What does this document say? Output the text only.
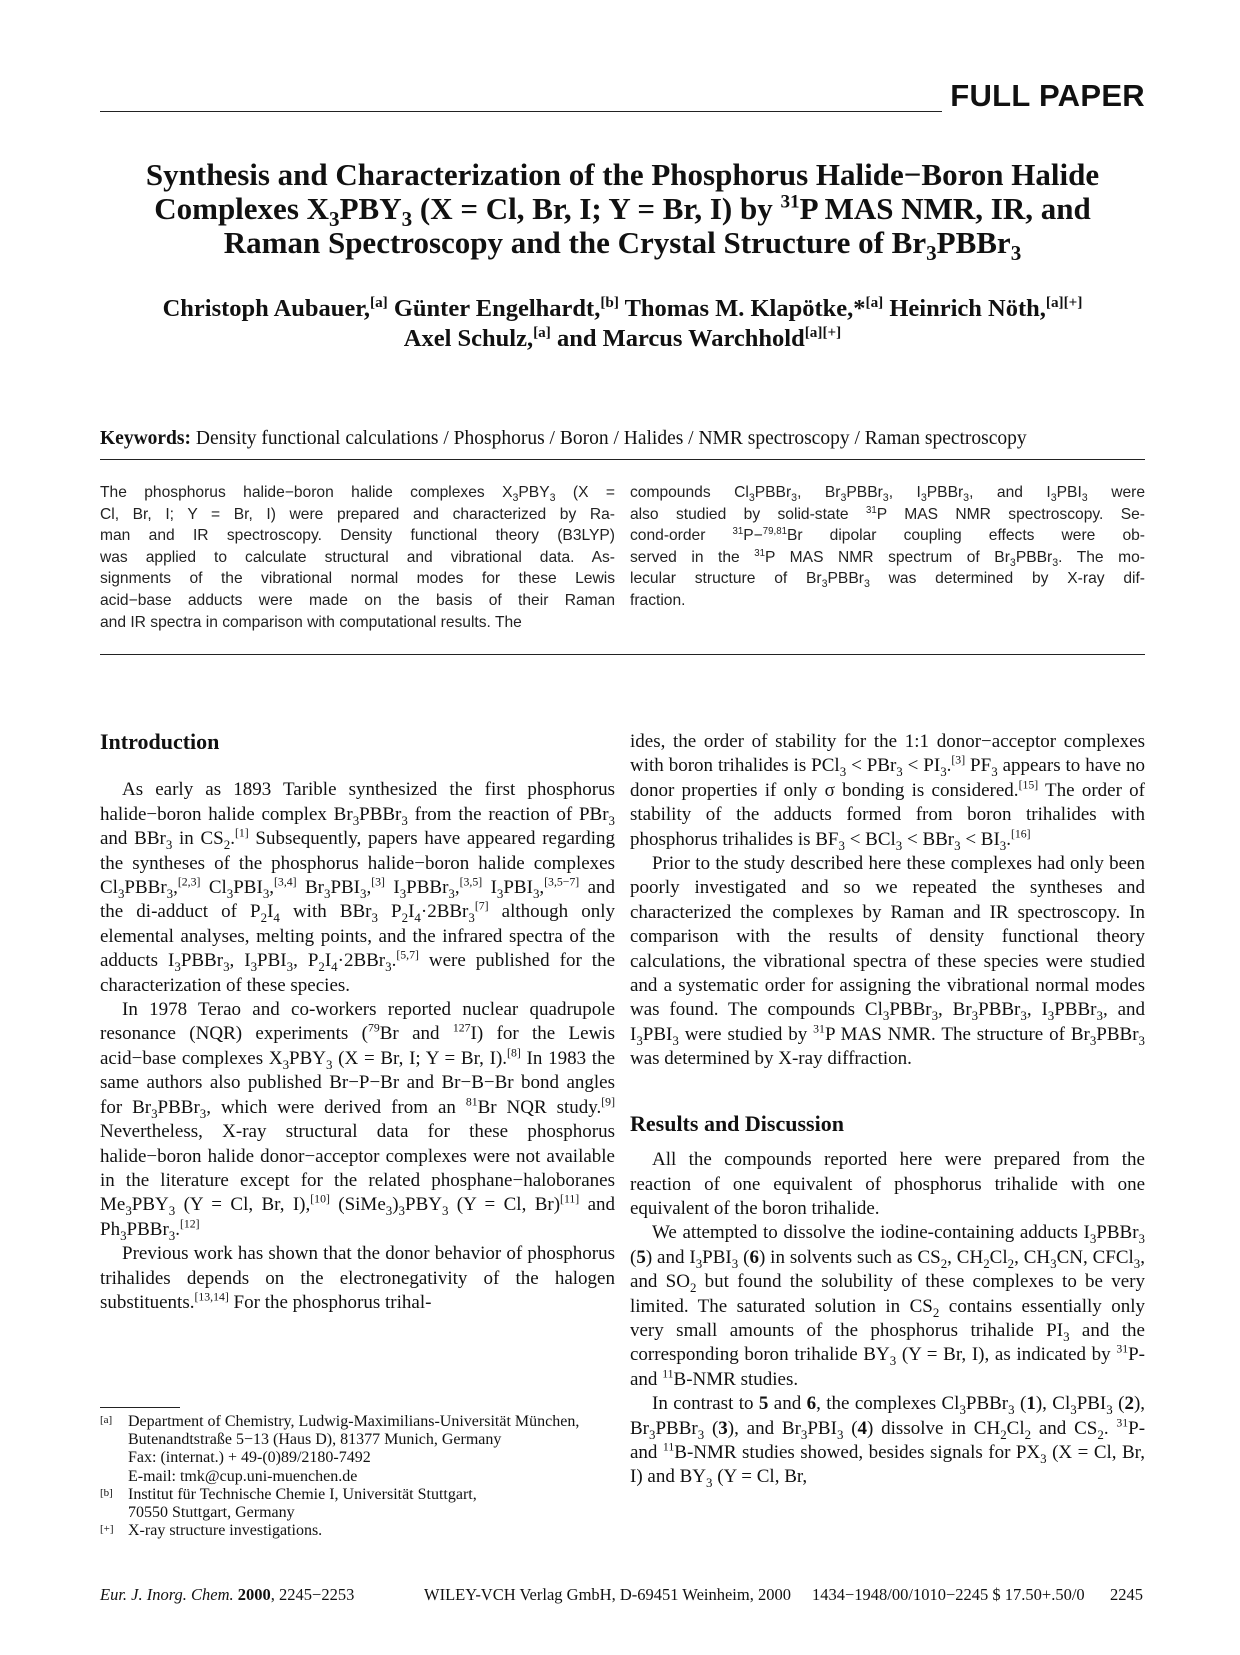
FULL PAPER
Synthesis and Characterization of the Phosphorus Halide−Boron Halide
Complexes $X_3PBY_3$ (X = Cl, Br, I; Y = Br, I) by $^{31}$P MAS NMR, IR, and
Raman Spectroscopy and the Crystal Structure of $Br_3PBBr_3$

Christoph Aubauer,[a] Günter Engelhardt,[b] Thomas M. Klapötke,*[a] Heinrich Nöth,[a][+]
Axel Schulz,[a] and Marcus Warchhold[a][+]

Keywords: Density functional calculations / Phosphorus / Boron / Halides / NMR spectroscopy / Raman spectroscopy

The phosphorus halide−boron halide complexes $X_3PBY_3$ (X =
Cl, Br, I; Y = Br, I) were prepared and characterized by Ra-
man and IR spectroscopy. Density functional theory (B3LYP)
was applied to calculate structural and vibrational data. As-
signments of the vibrational normal modes for these Lewis
acid−base adducts were made on the basis of their Raman
and IR spectra in comparison with computational results. The
compounds $Cl_3PBBr_3$, $Br_3PBBr_3$, $I_3PBBr_3$, and $I_3PBI_3$ were
also studied by solid-state $^{31}$P MAS NMR spectroscopy. Se-
cond-order $^{31}$P−$^{79,81}$Br dipolar coupling effects were ob-
served in the $^{31}$P MAS NMR spectrum of $Br_3PBBr_3$. The mo-
lecular structure of $Br_3PBBr_3$ was determined by X-ray dif-
fraction.
Introduction

As early as 1893 Tarible synthesized the first phosphorus halide−boron halide complex $Br_3PBBr_3$ from the reaction of PBr$_3$ and BBr$_3$ in $CS_2.[1]$ Subsequently, papers have appeared regarding the syntheses of the phosphorus halide−boron halide complexes $Cl_3PBBr_3,[2,3]$ $Cl_3PBI_3,[3,4]$ $Br_3PBI_3,[3]$ $I_3PBBr_3,[3,5]$ $I_3PBI_3,[3,5-7]$ and the di-adduct of $P_2I_4$ with BBr$_3$ $P_2I_4\cdot 2BBr_3[7]$ although only elemental analyses, melting points, and the infrared spectra of the adducts $I_3PBBr_3$, $I_3PBI_3$, $P_2I_4\cdot 2BBr_3.[5,7]$ were published for the characterization of these species.

In 1978 Terao and co-workers reported nuclear quadrupole resonance (NQR) experiments ($^{79}$Br and $^{127}$I) for the Lewis acid−base complexes $X_3PBY_3$ (X = Br, I; Y = Br, I).[8] In 1983 the same authors also published Br−P−Br and Br−B−Br bond angles for $Br_3PBBr_3$, which were derived from an $^{81}$Br NQR study.[9] Nevertheless, X-ray structural data for these phosphorus halide−boron halide donor−acceptor complexes were not available in the literature except for the related phosphane−haloboranes $Me_3PBY_3$ (Y = Cl, Br, I),[10] $(SiMe_3)_3PBY_3$ (Y = Cl, Br)[11] and $Ph_3PBBr_3.[12]$

Previous work has shown that the donor behavior of phosphorus trihalides depends on the electronegativity of the halogen substituents.[13,14] For the phosphorus trihal-

ides, the order of stability for the 1:1 donor−acceptor complexes with boron trihalides is $PCl_3 < PBr_3 < PI_3.[3]$ $PF_3$ appears to have no donor properties if only σ bonding is considered.[15] The order of stability of the adducts formed from boron trihalides with phosphorus trihalides is $BF_3 < BCl_3 < BBr_3 < BI_3.[16]$

Prior to the study described here these complexes had only been poorly investigated and so we repeated the syntheses and characterized the complexes by Raman and IR spectroscopy. In comparison with the results of density functional theory calculations, the vibrational spectra of these species were studied and a systematic order for assigning the vibrational normal modes was found. The compounds $Cl_3PBBr_3$, $Br_3PBBr_3$, $I_3PBBr_3$, and $I_3PBI_3$ were studied by $^{31}$P MAS NMR. The structure of $Br_3PBBr_3$ was determined by X-ray diffraction.

Results and Discussion

All the compounds reported here were prepared from the reaction of one equivalent of phosphorus trihalide with one equivalent of the boron trihalide.

We attempted to dissolve the iodine-containing adducts $I_3PBBr_3$ (5) and $I_3PBI_3$ (6) in solvents such as $CS_2$, $CH_2Cl_2$, $CH_3CN$, CFCl$_3$, and $SO_2$ but found the solubility of these complexes to be very limited. The saturated solution in $CS_2$ contains essentially only very small amounts of the phosphorus trihalide $PI_3$ and the corresponding boron trihalide $BY_3$ (Y = Br, I), as indicated by $^{31}$P- and $^{11}$B-NMR studies.

In contrast to 5 and 6, the complexes $Cl_3PBBr_3$ (1), $Cl_3PBI_3$ (2), $Br_3PBBr_3$ (3), and $Br_3PBI_3$ (4) dissolve in $CH_2Cl_2$ and $CS_2$. $^{31}$P- and $^{11}$B-NMR studies showed, besides signals for $PX_3$ (X = Cl, Br, I) and $BY_3$ (Y = Cl, Br,

[a] Department of Chemistry, Ludwig-Maximilians-Universität München,
Butenandtstraße 5−13 (Haus D), 81377 Munich, Germany
Fax: (internat.) + 49-(0)89/2180-7492
E-mail: tmk@cup.uni-muenchen.de
[b] Institut für Technische Chemie I, Universität Stuttgart,
70550 Stuttgart, Germany
[+] X-ray structure investigations.
Eur. J. Inorg. Chem. 2000, 2245−2253	WILEY-VCH Verlag GmbH, D-69451 Weinheim, 2000 1434−1948/00/1010−2245 $ 17.50+.50/0 2245
